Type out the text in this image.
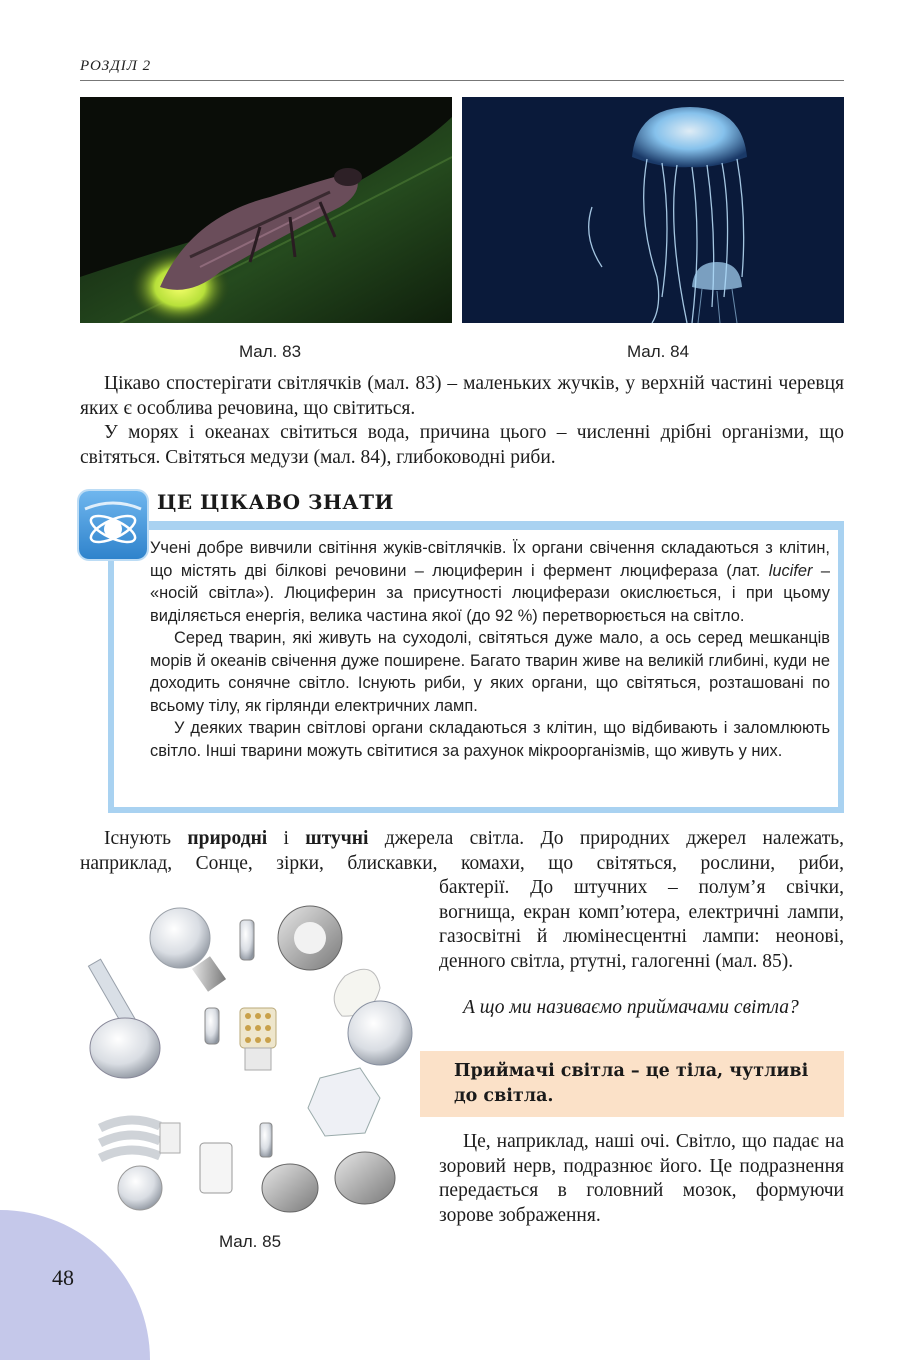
РОЗДІЛ 2
Мал. 83	Мал. 84
Цікаво спостерігати світлячків (мал. 83) – маленьких жучків, у верхній частині черевця яких є особлива речовина, що світиться.
У морях і океанах світиться вода, причина цього – численні дрібні організми, що світяться. Світяться медузи (мал. 84), глибоководні риби.
ЦЕ ЦІКАВО ЗНАТИ

Учені добре вивчили світіння жуків-світлячків. Їх органи свічення складаються з клітин, що містять дві білкові речовини – люциферин і фермент люцифераза (лат. lucifer – «носій світла»). Люциферин за присутності люциферази окислюється, і при цьому виділяється енергія, велика частина якої (до 92 %) перетворюється на світло.

Серед тварин, які живуть на суходолі, світяться дуже мало, а ось серед мешканців морів й океанів свічення дуже поширене. Багато тварин живе на великій глибині, куди не доходить сонячне світло. Існують риби, у яких органи, що світяться, розташовані по всьому тілу, як гірлянди електричних ламп.

У деяких тварин світлові органи складаються з клітин, що відбивають і заломлюють світло. Інші тварини можуть світитися за рахунок мікроорганізмів, що живуть у них.

Існують природні і штучні джерела світла. До природних джерел належать,
наприклад, Сонце, зірки, блискавки, комахи, що світяться, рослини, риби,
бактерії. До штучних – полум’я свічки, вогнища, екран комп’ютера, електричні лампи, газосвітні й люмінесцентні лампи: неонові, денного світла, ртутні, галогенні (мал. 85).
Мал. 85
А що ми називаємо приймачами світла?
Приймачі світла – це тіла, чутливі до світла.
Це, наприклад, наші очі. Світло, що падає на зоровий нерв, подразнює його. Це подразнення передається в головний мозок, формуючи зорове зображення.
48
